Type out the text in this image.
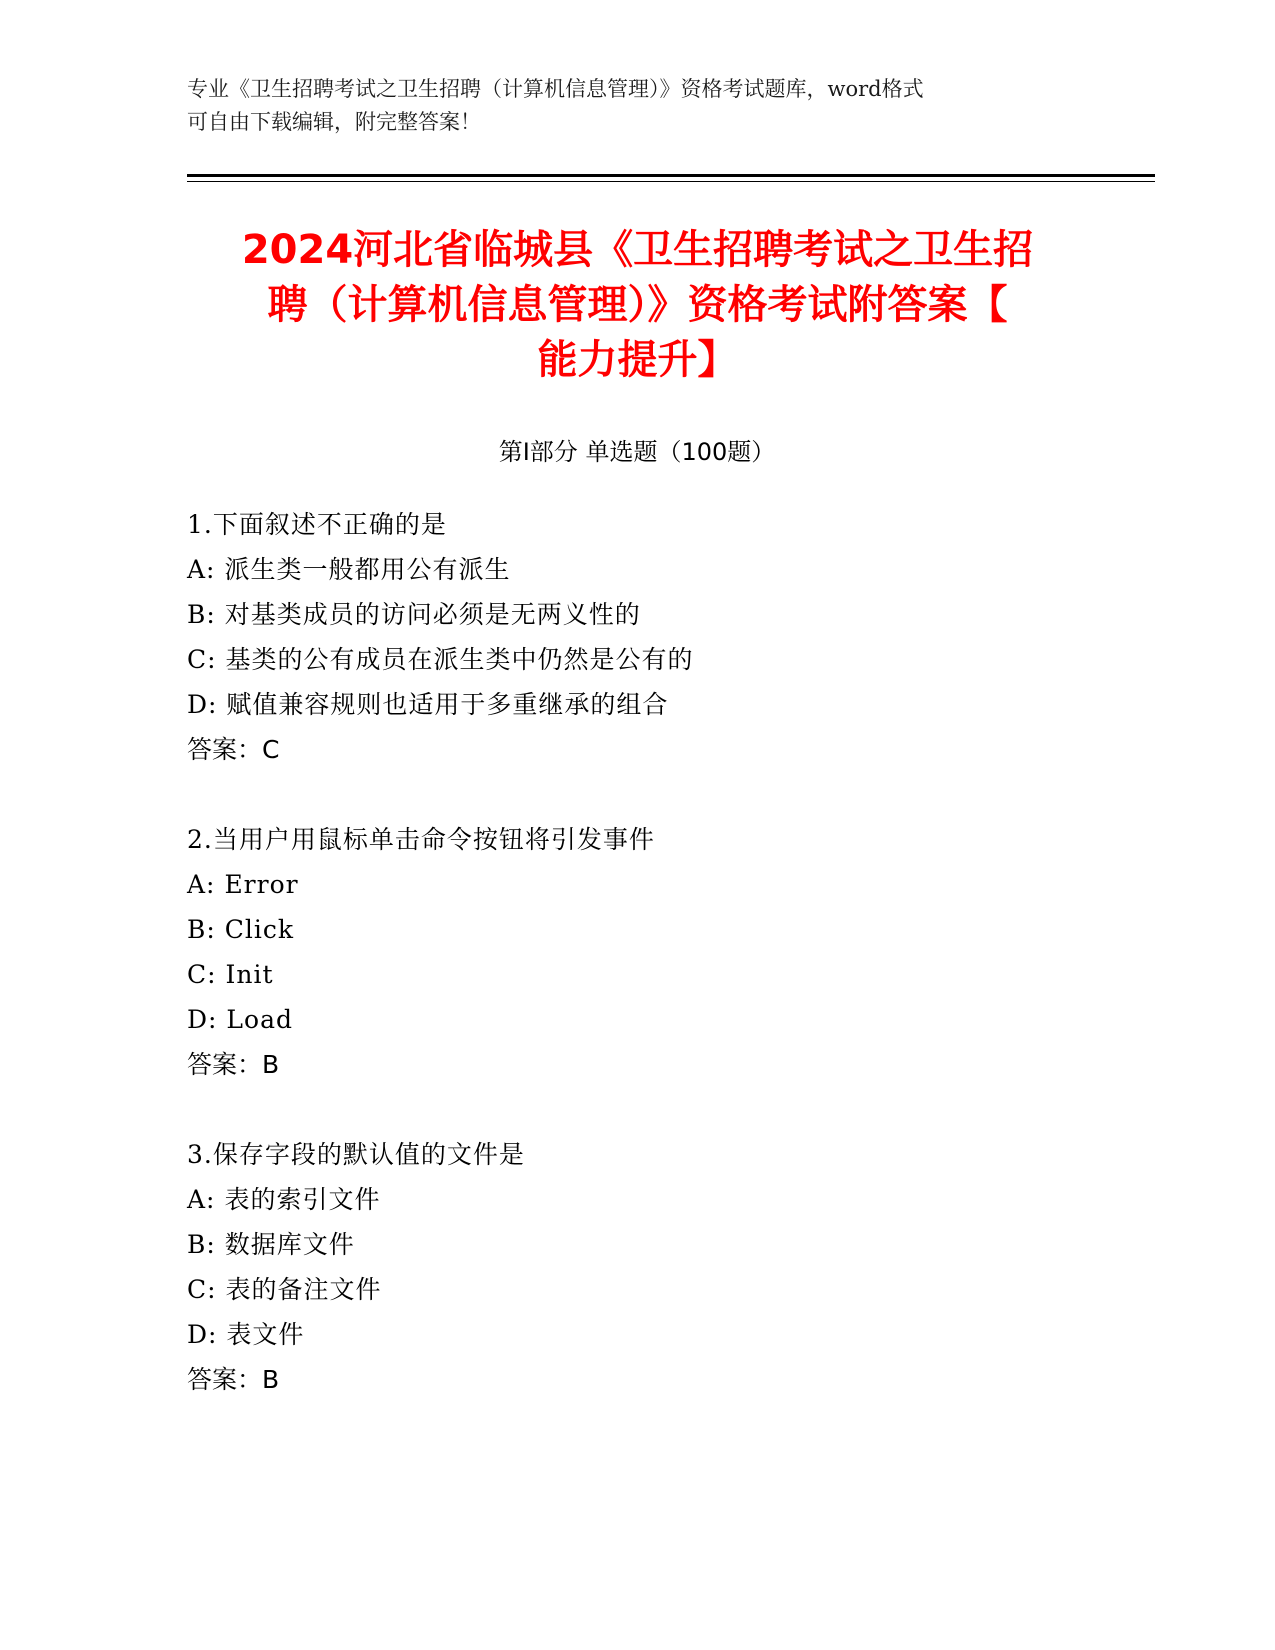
专业《卫生招聘考试之卫生招聘（计算机信息管理）》资格考试题库，word格式
可自由下载编辑，附完整答案！
2024河北省临城县《卫生招聘考试之卫生招
聘（计算机信息管理）》资格考试附答案【
能力提升】
第Ⅰ部分 单选题（100题）
1.下面叙述不正确的是
A: 派生类一般都用公有派生
B: 对基类成员的访问必须是无两义性的
C: 基类的公有成员在派生类中仍然是公有的
D: 赋值兼容规则也适用于多重继承的组合
答案：C
2.当用户用鼠标单击命令按钮将引发事件
A: Error
B: Click
C: Init
D: Load
答案：B
3.保存字段的默认值的文件是
A: 表的索引文件
B: 数据库文件
C: 表的备注文件
D: 表文件
答案：B
